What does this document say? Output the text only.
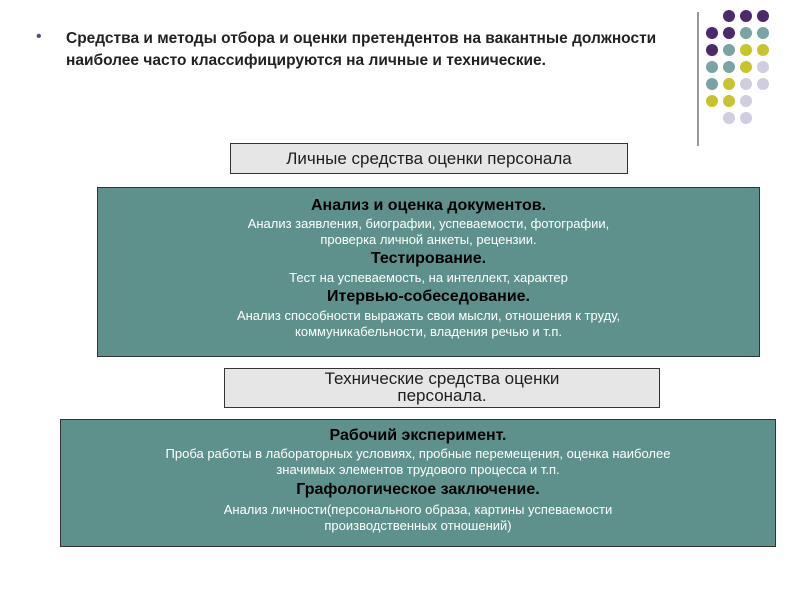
• Средства и методы отбора и оценки претендентов на вакантные должности наиболее часто классифицируются на личные и технические.
Личные средства оценки персонала
Анализ и оценка документов.
Анализ заявления, биографии, успеваемости, фотографии,
проверка личной анкеты, рецензии.
Тестирование.
Тест на успеваемость, на интеллект, характер
Итервью-собеседование.
Анализ способности выражать свои мысли, отношения к труду,
коммуникабельности, владения речью и т.п.
Технические средства оценки
персонала.
Рабочий эксперимент.
Проба работы в лабораторных условиях, пробные перемещения, оценка наиболее
значимых элементов трудового процесса и т.п.
Графологическое заключение.
Анализ личности(персонального образа, картины успеваемости
производственных отношений)
